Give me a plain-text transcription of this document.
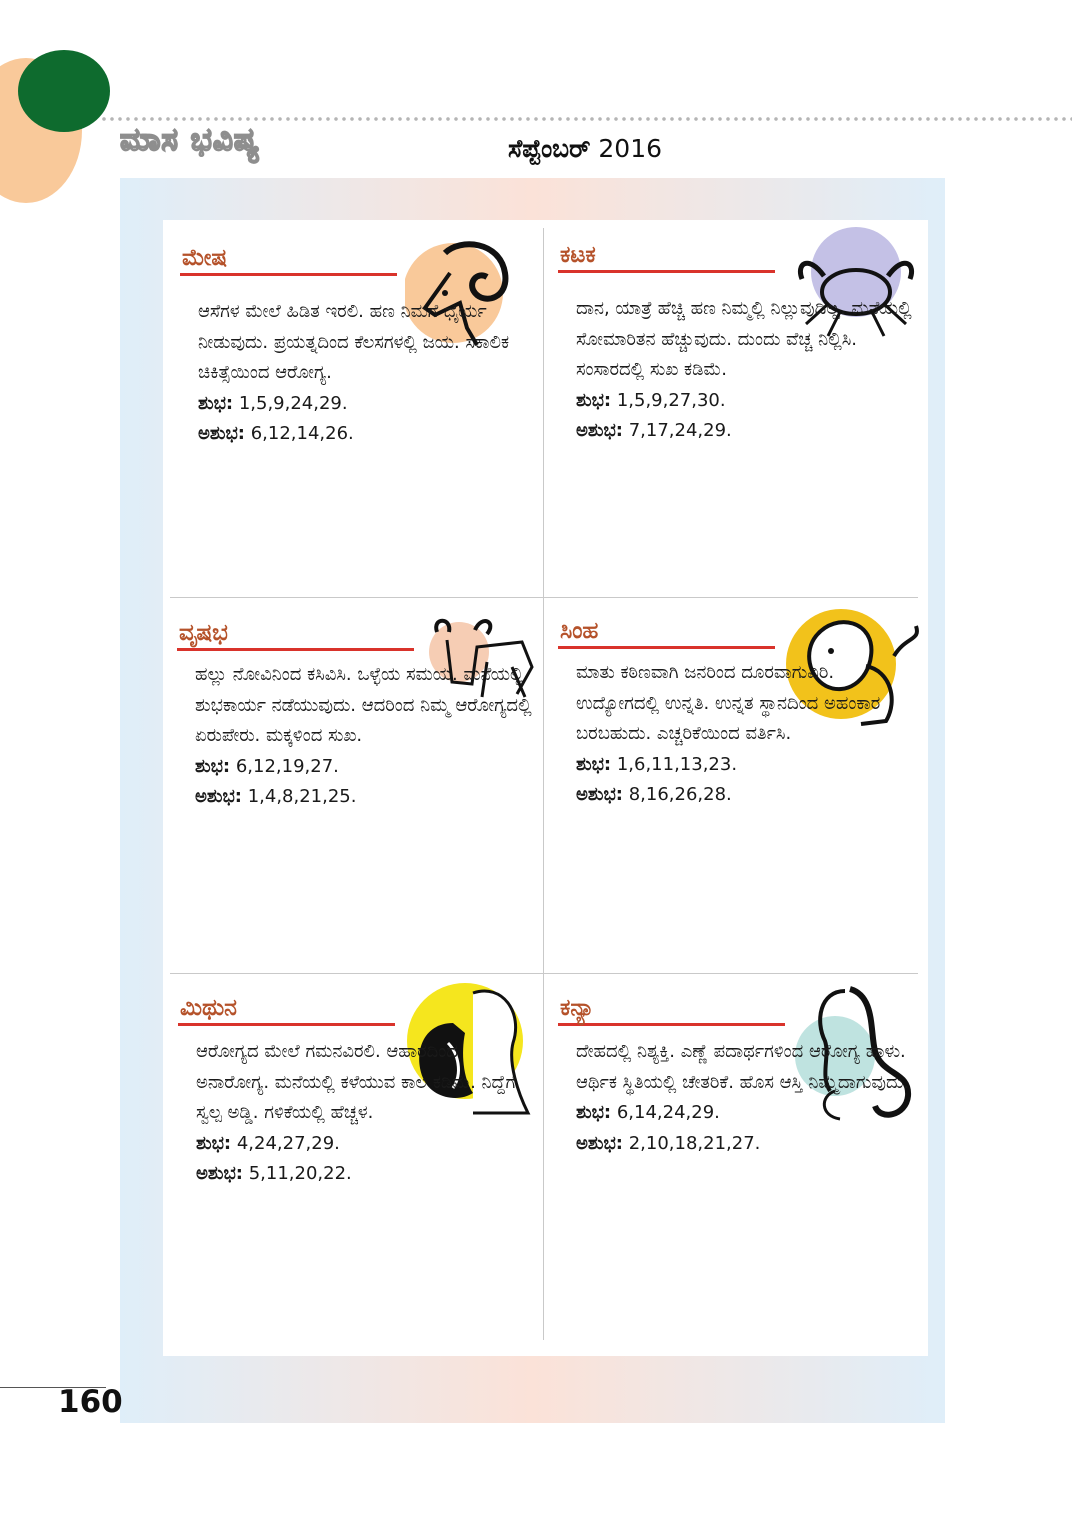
ಮಾಸ ಭವಿಷ್ಯ	ಸೆಪ್ಟೆಂಬರ್ 2016
ಮೇಷ
ಆಸೆಗಳ ಮೇಲೆ ಹಿಡಿತ ಇರಲಿ. ಹಣ ನಿಮಗೆ ಧೈರ್ಯ ನೀಡುವುದು. ಪ್ರಯತ್ನದಿಂದ ಕೆಲಸಗಳಲ್ಲಿ ಜಯ. ಸಕಾಲಿಕ ಚಿಕಿತ್ಸೆಯಿಂದ ಆರೋಗ್ಯ.
ಶುಭ: 1,5,9,24,29.
ಅಶುಭ: 6,12,14,26.
ಕಟಕ
ದಾನ, ಯಾತ್ರೆ ಹೆಚ್ಚಿ ಹಣ ನಿಮ್ಮಲ್ಲಿ ನಿಲ್ಲುವುದಿಲ್ಲ. ಮನೆಯಲ್ಲಿ ಸೋಮಾರಿತನ ಹೆಚ್ಚುವುದು. ದುಂದು ವೆಚ್ಚ ನಿಲ್ಲಿಸಿ. ಸಂಸಾರದಲ್ಲಿ ಸುಖ ಕಡಿಮೆ.
ಶುಭ: 1,5,9,27,30.
ಅಶುಭ: 7,17,24,29.
ವೃಷಭ
ಹಲ್ಲು ನೋವಿನಿಂದ ಕಸಿವಿಸಿ. ಒಳ್ಳೆಯ ಸಮಯ. ಮನೆಯಲ್ಲಿ ಶುಭಕಾರ್ಯ ನಡೆಯುವುದು. ಆದರಿಂದ ನಿಮ್ಮ ಆರೋಗ್ಯದಲ್ಲಿ ಏರುಪೇರು. ಮಕ್ಕಳಿಂದ ಸುಖ.
ಶುಭ: 6,12,19,27.
ಅಶುಭ: 1,4,8,21,25.
ಸಿಂಹ
ಮಾತು ಕಠಿಣವಾಗಿ ಜನರಿಂದ ದೂರವಾಗುವಿರಿ. ಉದ್ಯೋಗದಲ್ಲಿ ಉನ್ನತಿ. ಉನ್ನತ ಸ್ಥಾನದಿಂದ ಅಹಂಕಾರ ಬರಬಹುದು. ಎಚ್ಚರಿಕೆಯಿಂದ ವರ್ತಿಸಿ.
ಶುಭ: 1,6,11,13,23.
ಅಶುಭ: 8,16,26,28.
ಮಿಥುನ
ಆರೋಗ್ಯದ ಮೇಲೆ ಗಮನವಿರಲಿ. ಆಹಾರದಿಂದ ಅನಾರೋಗ್ಯ. ಮನೆಯಲ್ಲಿ ಕಳೆಯುವ ಕಾಲ ಕಡಿಮೆ. ನಿದ್ದೆಗೆ ಸ್ವಲ್ಪ ಅಡ್ಡಿ. ಗಳಿಕೆಯಲ್ಲಿ ಹೆಚ್ಚಳ.
ಶುಭ: 4,24,27,29.
ಅಶುಭ: 5,11,20,22.
ಕನ್ಯಾ
ದೇಹದಲ್ಲಿ ನಿಶ್ಯಕ್ತಿ. ಎಣ್ಣೆ ಪದಾರ್ಥಗಳಿಂದ ಆರೋಗ್ಯ ಹಾಳು. ಆರ್ಥಿಕ ಸ್ಥಿತಿಯಲ್ಲಿ ಚೇತರಿಕೆ. ಹೊಸ ಆಸ್ತಿ ನಿಮ್ಮದಾಗುವುದು.
ಶುಭ: 6,14,24,29.
ಅಶುಭ: 2,10,18,21,27.
160
